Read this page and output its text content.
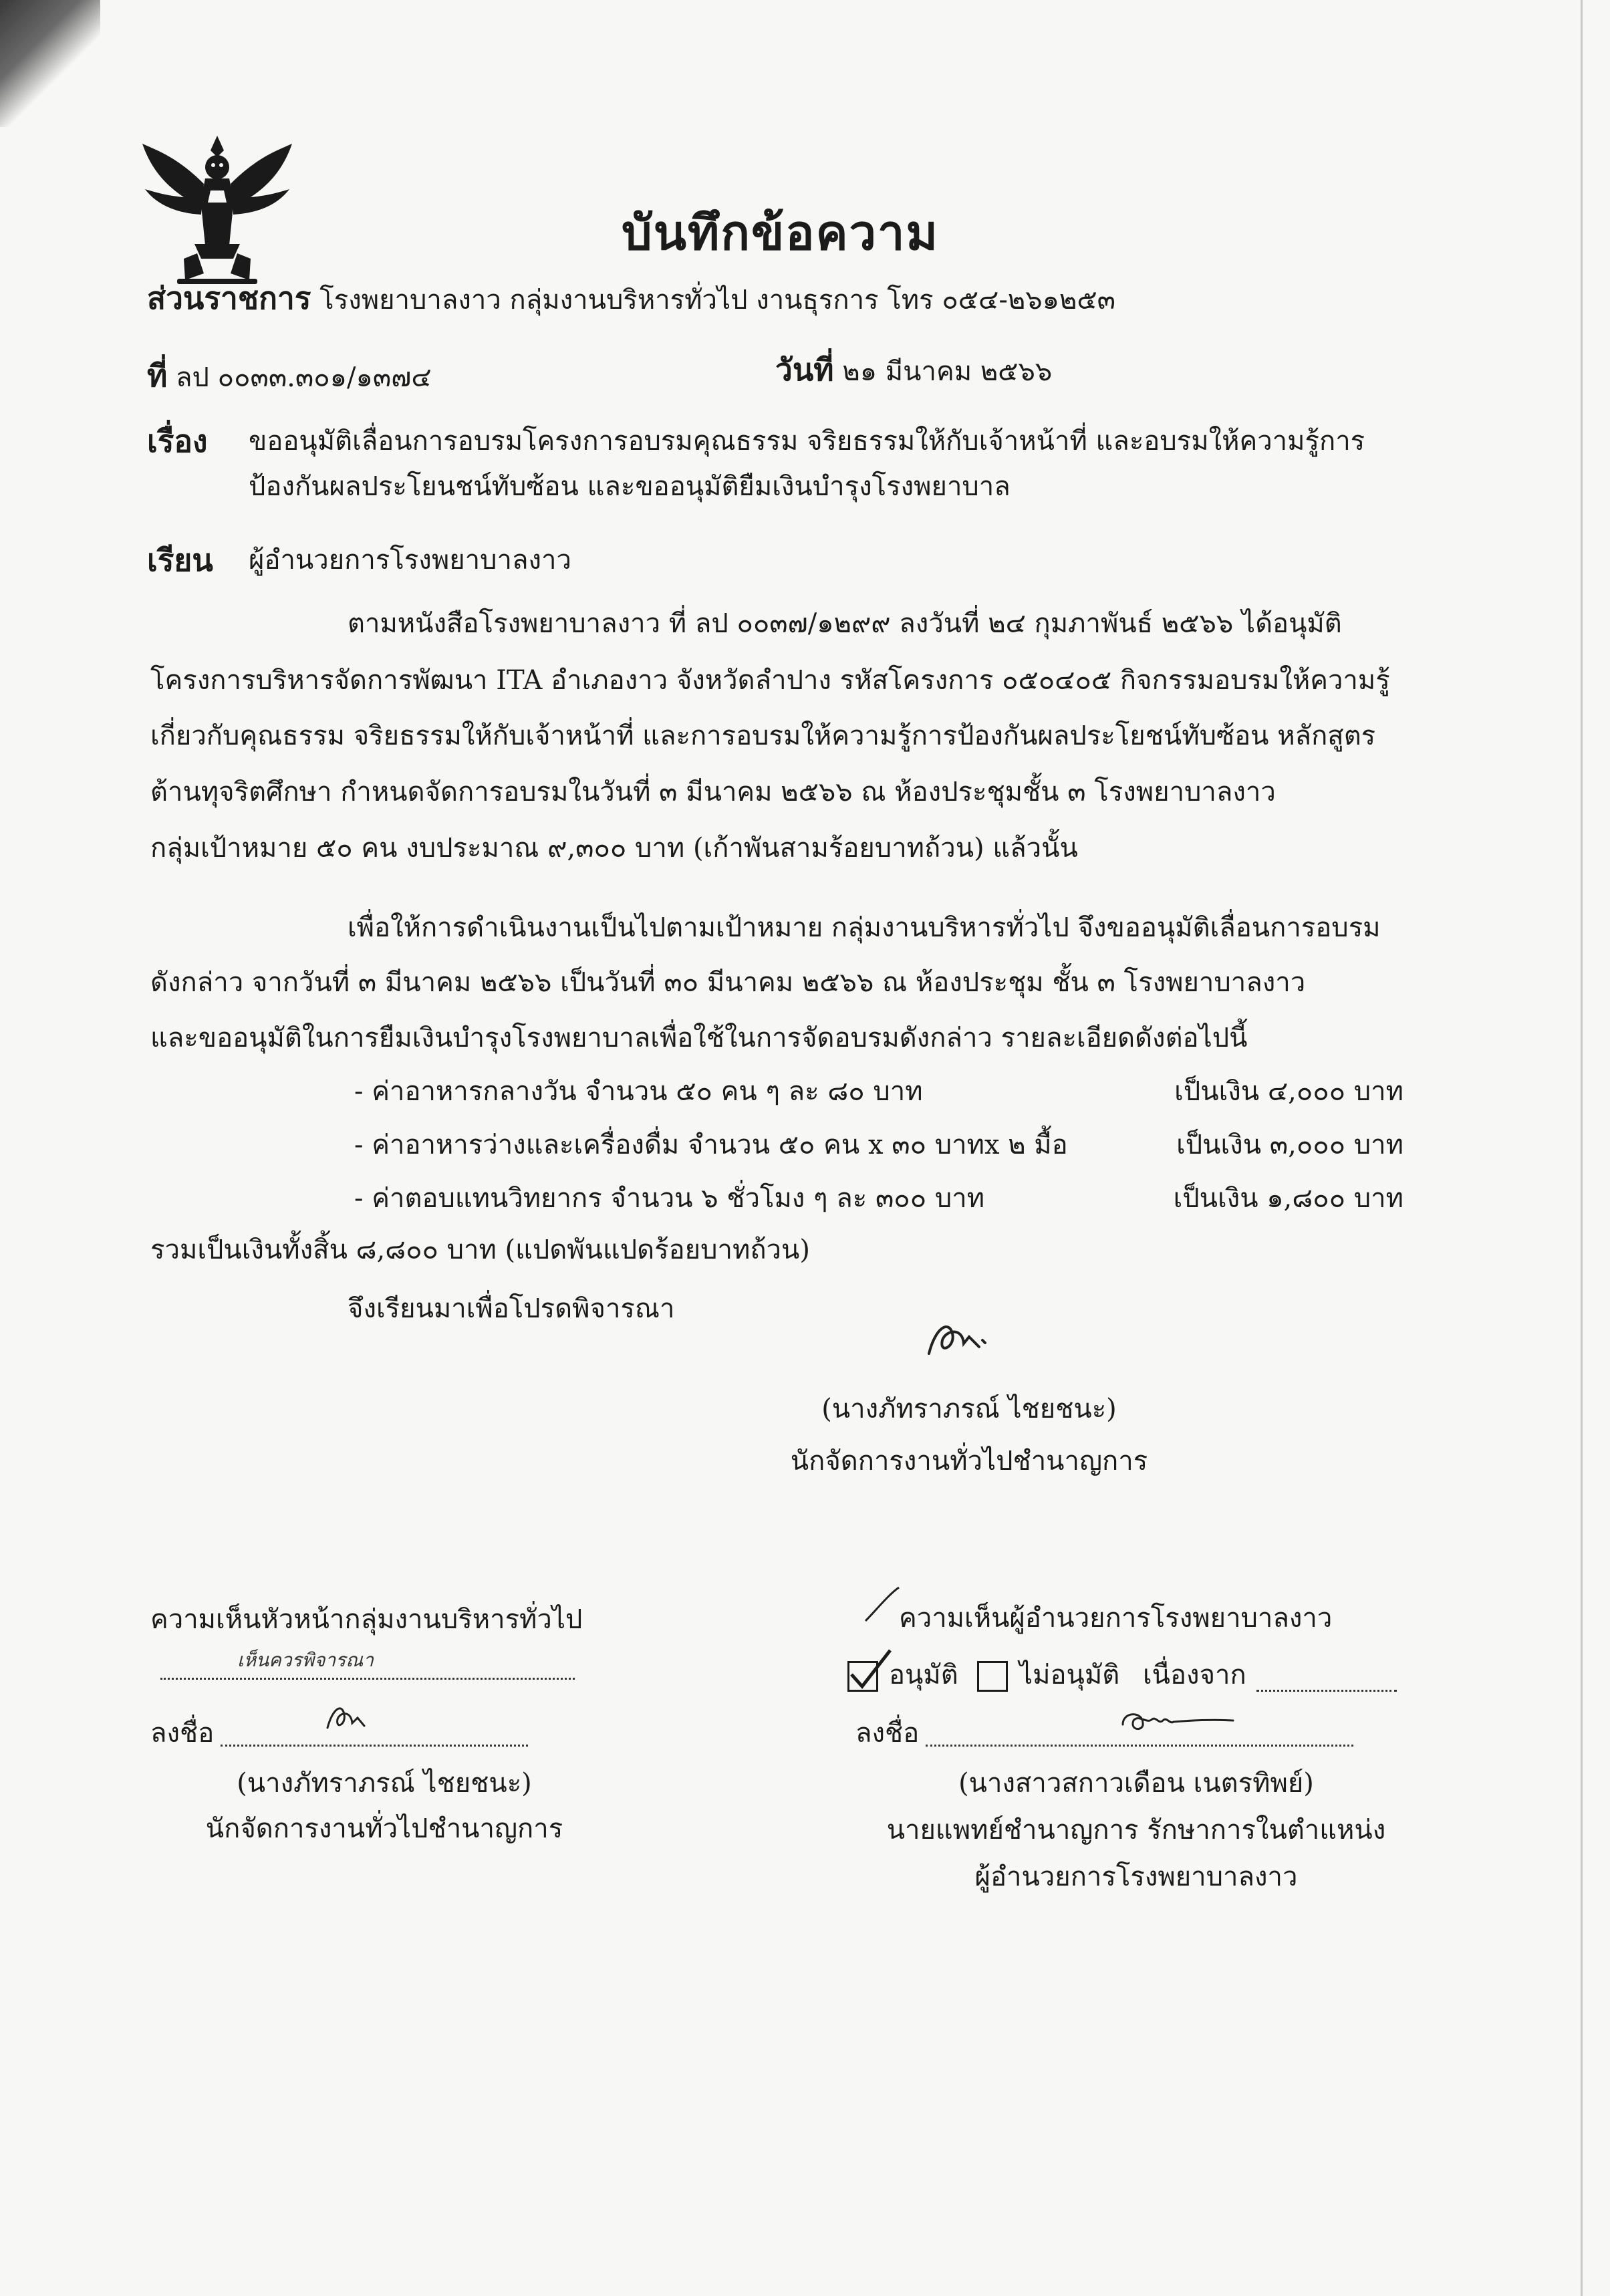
บันทึกข้อความ
ส่วนราชการ โรงพยาบาลงาว กลุ่มงานบริหารทั่วไป งานธุรการ โทร ๐๕๔-๒๖๑๒๕๓
ที่ ลป ๐๐๓๓.๓๐๑/๑๓๗๔	วันที่ ๒๑ มีนาคม ๒๕๖๖
เรื่อง ขออนุมัติเลื่อนการอบรมโครงการอบรมคุณธรรม จริยธรรมให้กับเจ้าหน้าที่ และอบรมให้ความรู้การ
ป้องกันผลประโยนชน์ทับซ้อน และขออนุมัติยืมเงินบำรุงโรงพยาบาล
เรียน ผู้อำนวยการโรงพยาบาลงาว
ตามหนังสือโรงพยาบาลงาว ที่ ลป ๐๐๓๗/๑๒๙๙ ลงวันที่ ๒๔ กุมภาพันธ์ ๒๕๖๖ ได้อนุมัติ
โครงการบริหารจัดการพัฒนา ITA อำเภองาว จังหวัดลำปาง รหัสโครงการ ๐๕๐๔๐๕ กิจกรรมอบรมให้ความรู้
เกี่ยวกับคุณธรรม จริยธรรมให้กับเจ้าหน้าที่ และการอบรมให้ความรู้การป้องกันผลประโยชน์ทับซ้อน หลักสูตร
ต้านทุจริตศึกษา กำหนดจัดการอบรมในวันที่ ๓ มีนาคม ๒๕๖๖ ณ ห้องประชุมชั้น ๓ โรงพยาบาลงาว
กลุ่มเป้าหมาย ๕๐ คน งบประมาณ ๙,๓๐๐ บาท (เก้าพันสามร้อยบาทถ้วน) แล้วนั้น
เพื่อให้การดำเนินงานเป็นไปตามเป้าหมาย กลุ่มงานบริหารทั่วไป จึงขออนุมัติเลื่อนการอบรม
ดังกล่าว จากวันที่ ๓ มีนาคม ๒๕๖๖ เป็นวันที่ ๓๐ มีนาคม ๒๕๖๖ ณ ห้องประชุม ชั้น ๓ โรงพยาบาลงาว
และขออนุมัติในการยืมเงินบำรุงโรงพยาบาลเพื่อใช้ในการจัดอบรมดังกล่าว รายละเอียดดังต่อไปนี้
- ค่าอาหารกลางวัน จำนวน ๕๐ คน ๆ ละ ๘๐ บาท	เป็นเงิน ๔,๐๐๐ บาท
- ค่าอาหารว่างและเครื่องดื่ม จำนวน ๕๐ คน x ๓๐ บาทx ๒ มื้อ	เป็นเงิน ๓,๐๐๐ บาท
- ค่าตอบแทนวิทยากร จำนวน ๖ ชั่วโมง ๆ ละ ๓๐๐ บาท	เป็นเงิน ๑,๘๐๐ บาท
รวมเป็นเงินทั้งสิ้น ๘,๘๐๐ บาท (แปดพันแปดร้อยบาทถ้วน)
จึงเรียนมาเพื่อโปรดพิจารณา
(นางภัทราภรณ์ ไชยชนะ)
นักจัดการงานทั่วไปชำนาญการ
ความเห็นหัวหน้ากลุ่มงานบริหารทั่วไป
เห็นควรพิจารณา
ลงชื่อ
(นางภัทราภรณ์ ไชยชนะ)
นักจัดการงานทั่วไปชำนาญการ
ความเห็นผู้อำนวยการโรงพยาบาลงาว
อนุมัติ ไม่อนุมัติ เนื่องจาก
ลงชื่อ
(นางสาวสกาวเดือน เนตรทิพย์)
นายแพทย์ชำนาญการ รักษาการในตำแหน่ง
ผู้อำนวยการโรงพยาบาลงาว
